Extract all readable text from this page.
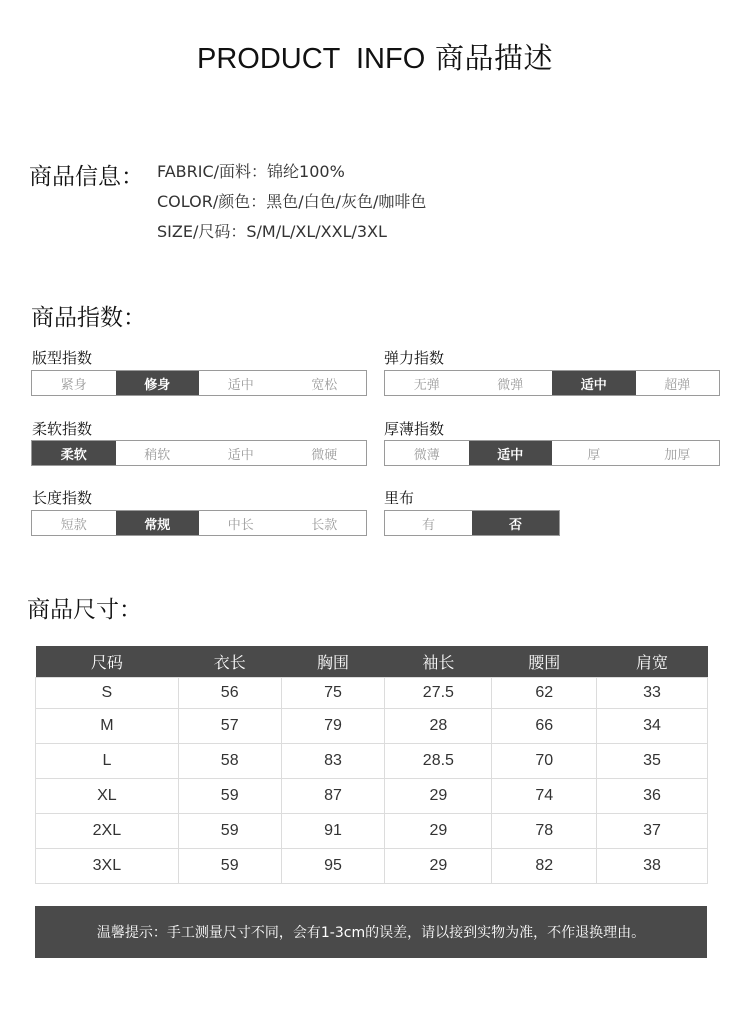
PRODUCT  INFO 商品描述
商品信息： FABRIC/面料：锦纶100%
COLOR/颜色：黑色/白色/灰色/咖啡色
SIZE/尺码：S/M/L/XL/XXL/3XL
商品指数：
版型指数
紧身	修身	适中	宽松
弹力指数
无弹	微弹	适中	超弹
柔软指数
柔软	稍软	适中	微硬
厚薄指数
微薄	适中	厚	加厚
长度指数
短款	常规	中长	长款
里布
有	否
商品尺寸：
尺码	衣长	胸围	袖长	腰围	肩宽
S	56	75	27.5	62	33
M	57	79	28	66	34
L	58	83	28.5	70	35
XL	59	87	29	74	36
2XL	59	91	29	78	37
3XL	59	95	29	82	38
温馨提示：手工测量尺寸不同，会有1-3cm的误差，请以接到实物为准，不作退换理由。
